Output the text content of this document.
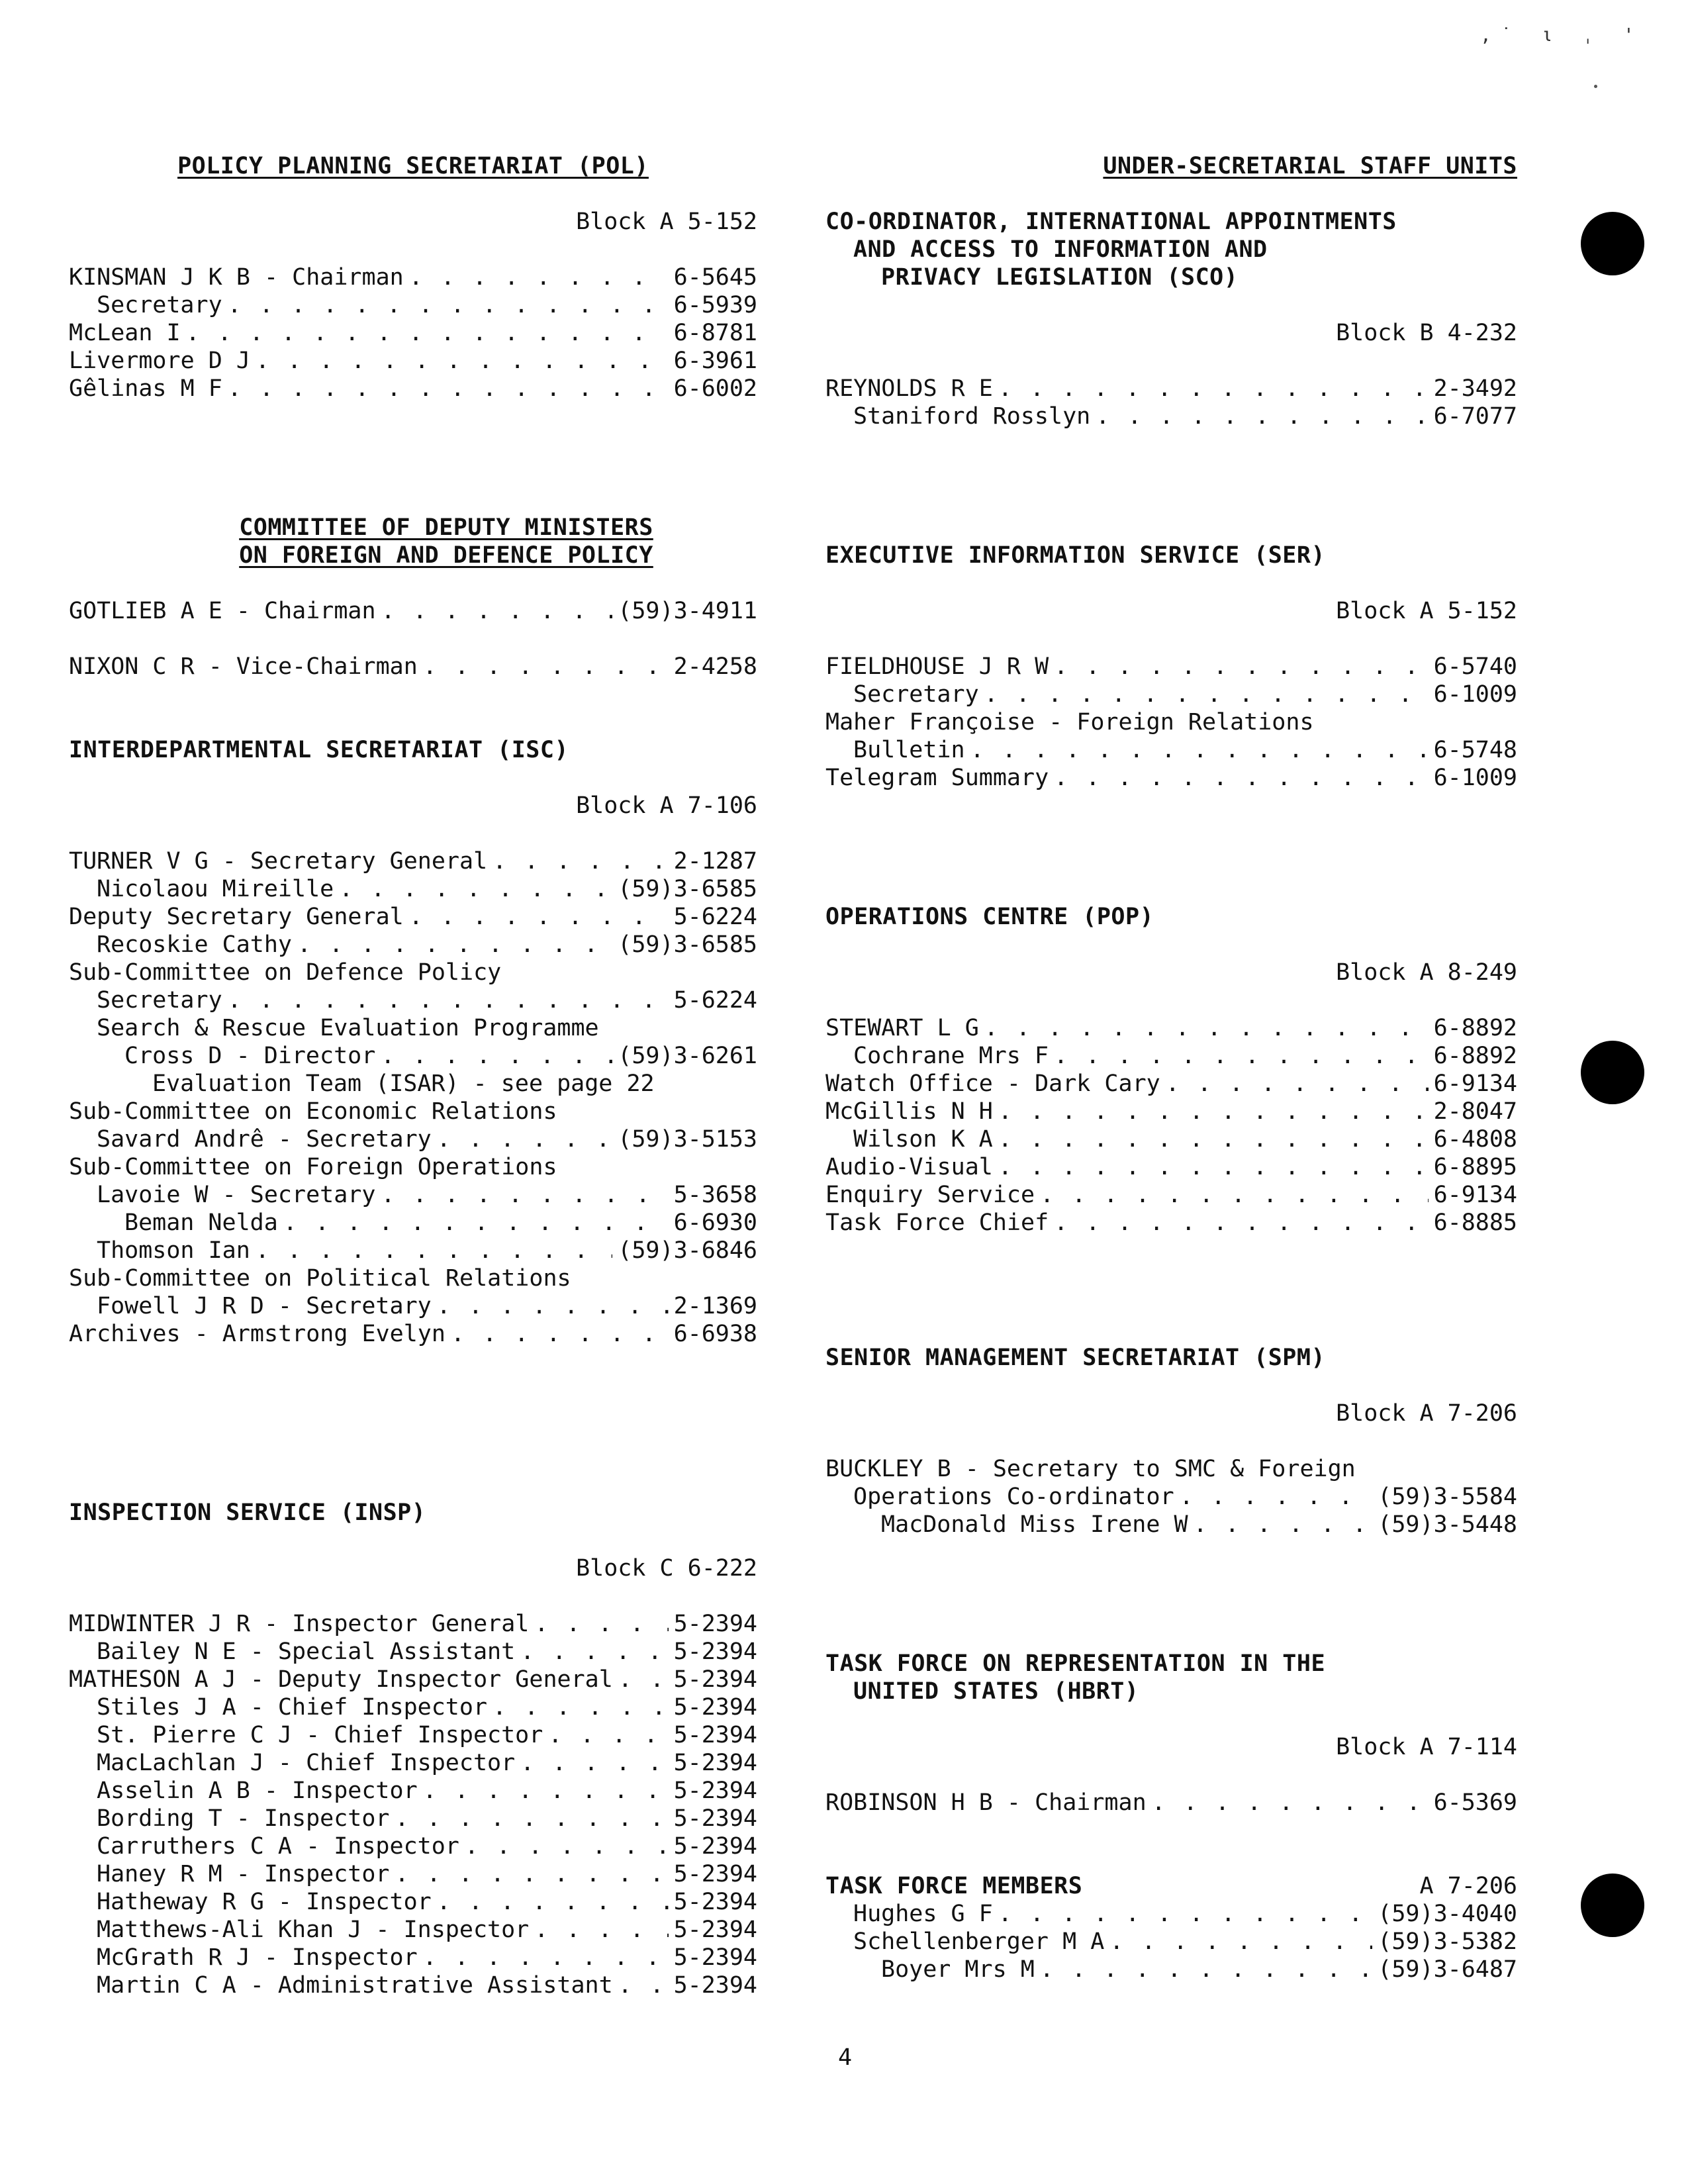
,˙ ι ˌ '
POLICY PLANNING SECRETARIAT (POL)
Block A 5-152
KINSMAN J K B - Chairman . . .	6-5645
Secretary . . .	6-5939
McLean I . . .	6-8781
Livermore D J . . .	6-3961
Gêlinas M F . . .	6-6002
COMMITTEE OF DEPUTY MINISTERS
ON FOREIGN AND DEFENCE POLICY
GOTLIEB A E - Chairman . . .	(59)3-4911
NIXON C R - Vice-Chairman . . .	2-4258
INTERDEPARTMENTAL SECRETARIAT (ISC)
Block A 7-106
TURNER V G - Secretary General . . .	2-1287
Nicolaou Mireille . . .	(59)3-6585
Deputy Secretary General . . .	5-6224
Recoskie Cathy . . .	(59)3-6585
Sub-Committee on Defence Policy
Secretary . . .	5-6224
Search & Rescue Evaluation Programme
Cross D - Director . . .	(59)3-6261
Evaluation Team (ISAR) - see page 22
Sub-Committee on Economic Relations
Savard Andrê - Secretary . . .	(59)3-5153
Sub-Committee on Foreign Operations
Lavoie W - Secretary . . .	5-3658
Beman Nelda . . .	6-6930
Thomson Ian . . .	(59)3-6846
Sub-Committee on Political Relations
Fowell J R D - Secretary . . .	2-1369
Archives - Armstrong Evelyn . . .	6-6938
INSPECTION SERVICE (INSP)
Block C 6-222
MIDWINTER J R - Inspector General . . .	5-2394
Bailey N E - Special Assistant . . .	5-2394
MATHESON A J - Deputy Inspector General . . .	5-2394
Stiles J A - Chief Inspector . . .	5-2394
St. Pierre C J - Chief Inspector . . .	5-2394
MacLachlan J - Chief Inspector . . .	5-2394
Asselin A B - Inspector . . .	5-2394
Bording T - Inspector . . .	5-2394
Carruthers C A - Inspector . . .	5-2394
Haney R M - Inspector . . .	5-2394
Hatheway R G - Inspector . . .	5-2394
Matthews-Ali Khan J - Inspector . . .	5-2394
McGrath R J - Inspector . . .	5-2394
Martin C A - Administrative Assistant . . .	5-2394
UNDER-SECRETARIAL STAFF UNITS
CO-ORDINATOR, INTERNATIONAL APPOINTMENTS
AND ACCESS TO INFORMATION AND
PRIVACY LEGISLATION (SCO)
Block B 4-232
REYNOLDS R E . . .	2-3492
Staniford Rosslyn . . .	6-7077
EXECUTIVE INFORMATION SERVICE (SER)
Block A 5-152
FIELDHOUSE J R W . . .	6-5740
Secretary . . .	6-1009
Maher Françoise - Foreign Relations
Bulletin . . .	6-5748
Telegram Summary . . .	6-1009
OPERATIONS CENTRE (POP)
Block A 8-249
STEWART L G . . .	6-8892
Cochrane Mrs F . . .	6-8892
Watch Office - Dark Cary . . .	6-9134
McGillis N H . . .	2-8047
Wilson K A . . .	6-4808
Audio-Visual . . .	6-8895
Enquiry Service . . .	6-9134
Task Force Chief . . .	6-8885
SENIOR MANAGEMENT SECRETARIAT (SPM)
Block A 7-206
BUCKLEY B - Secretary to SMC & Foreign
Operations Co-ordinator . . .	(59)3-5584
MacDonald Miss Irene W . . .	(59)3-5448
TASK FORCE ON REPRESENTATION IN THE
UNITED STATES (HBRT)
Block A 7-114
ROBINSON H B - Chairman . . .	6-5369
TASK FORCE MEMBERS	A 7-206
Hughes G F . . .	(59)3-4040
Schellenberger M A . . .	(59)3-5382
Boyer Mrs M . . .	(59)3-6487
4
